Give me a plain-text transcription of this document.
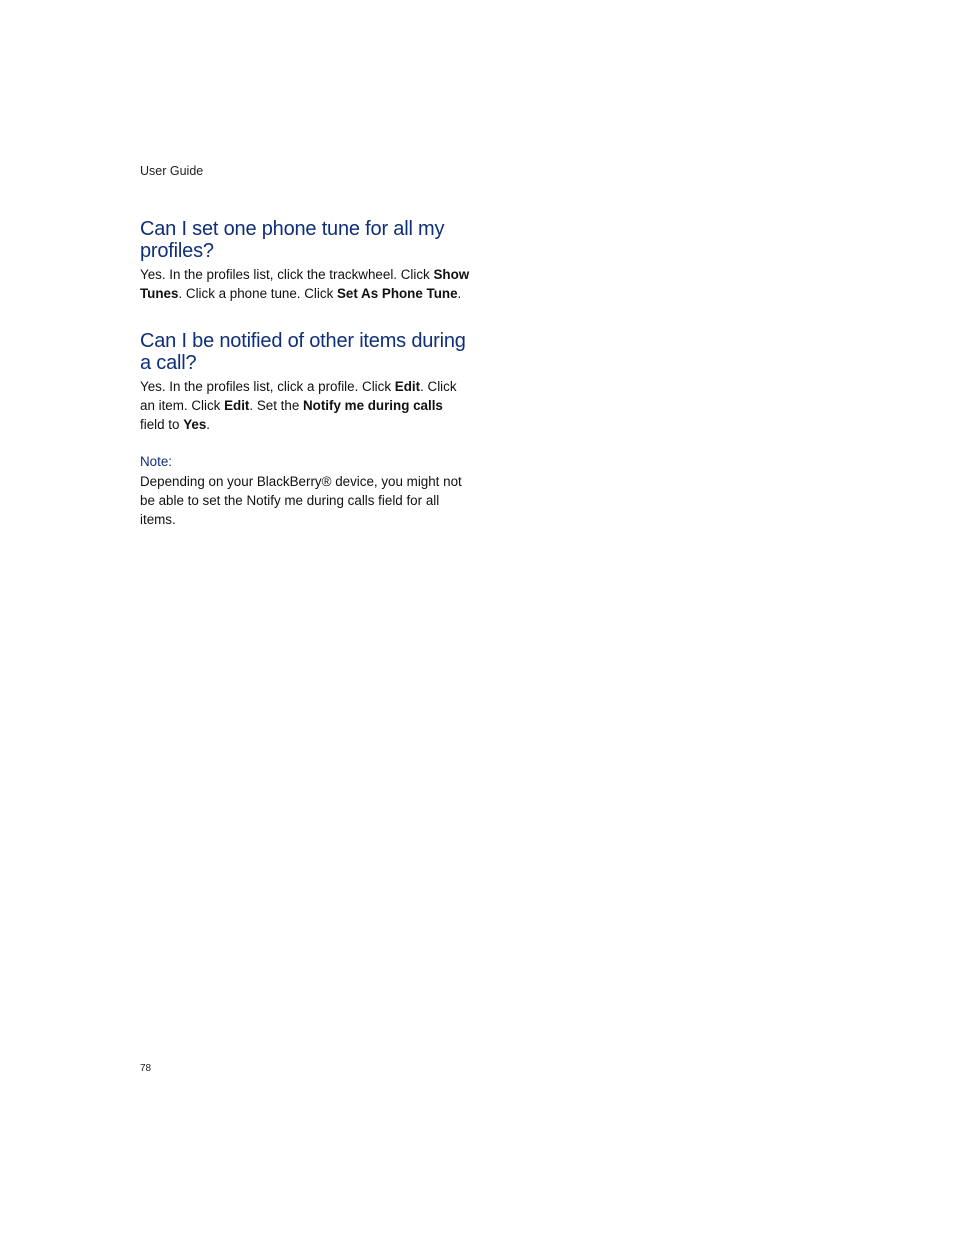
User Guide
Can I set one phone tune for all my profiles?

Yes. In the profiles list, click the trackwheel. Click Show Tunes. Click a phone tune. Click Set As Phone Tune.

Can I be notified of other items during a call?

Yes. In the profiles list, click a profile. Click Edit. Click an item. Click Edit. Set the Notify me during calls field to Yes.

Note:

Depending on your BlackBerry® device, you might not be able to set the Notify me during calls field for all items.

78
